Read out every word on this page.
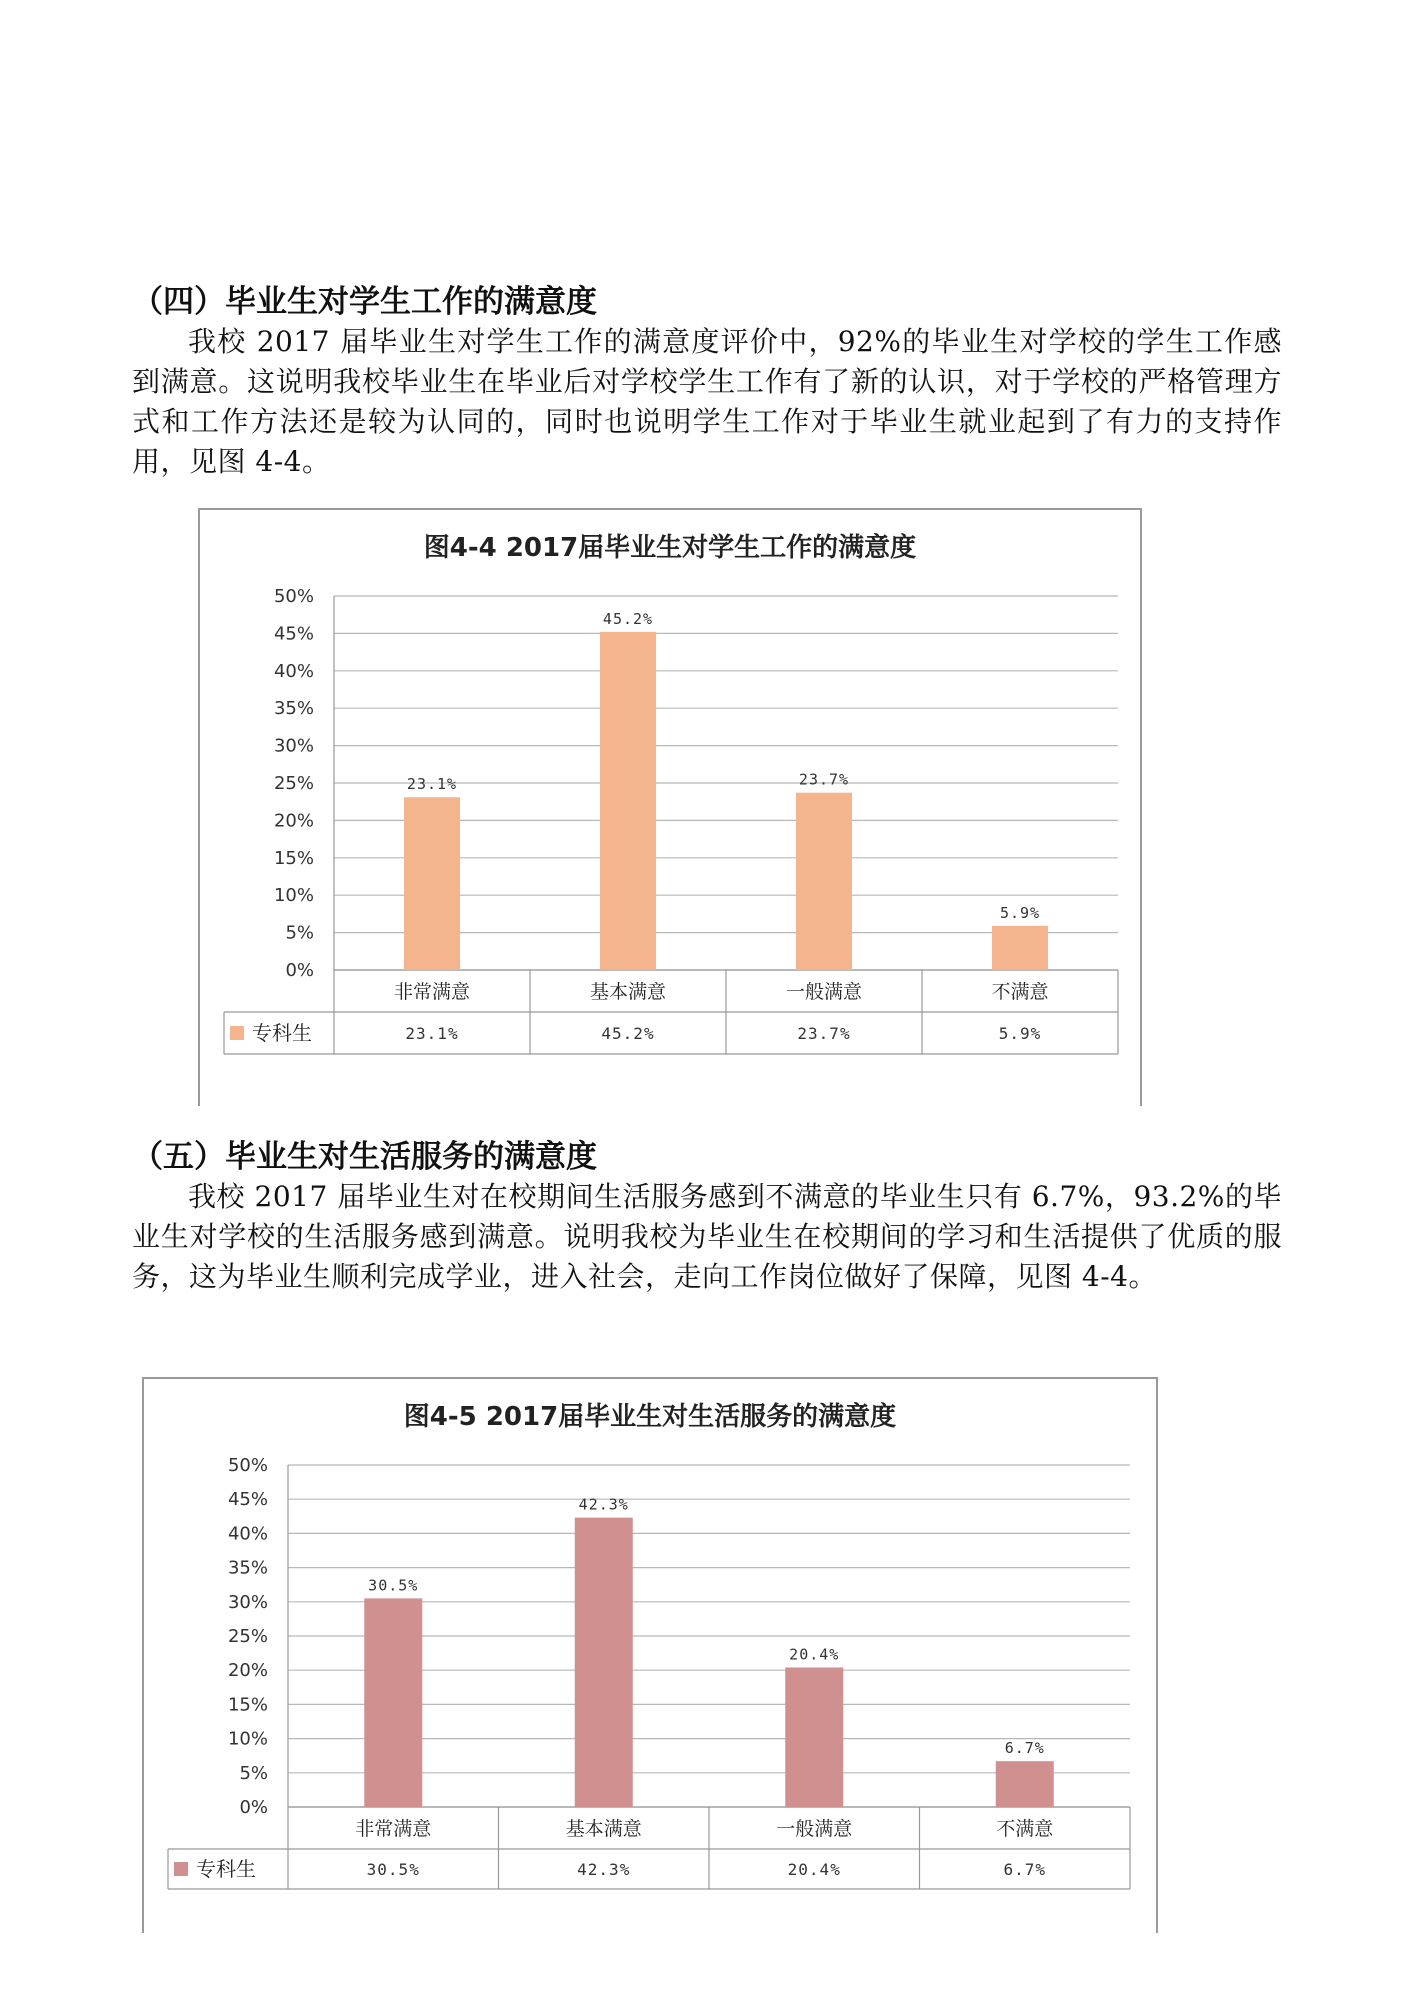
（四）毕业生对学生工作的满意度

我校 2017 届毕业生对学生工作的满意度评价中，92%的毕业生对学校的学生工作感到满意。这说明我校毕业生在毕业后对学校学生工作有了新的认识，对于学校的严格管理方式和工作方法还是较为认同的，同时也说明学生工作对于毕业生就业起到了有力的支持作用，见图 4-4。

图4-4 2017届毕业生对学生工作的满意度
0%
5%
10%
15%
20%
25%
30%
35%
40%
45%
50%
专科生
23.1%
非常满意
23.1%
45.2%
基本满意
45.2%
23.7%
一般满意
23.7%
5.9%
不满意
5.9%
（五）毕业生对生活服务的满意度

我校 2017 届毕业生对在校期间生活服务感到不满意的毕业生只有 6.7%，93.2%的毕业生对学校的生活服务感到满意。说明我校为毕业生在校期间的学习和生活提供了优质的服务，这为毕业生顺利完成学业，进入社会，走向工作岗位做好了保障，见图 4-4。

图4-5 2017届毕业生对生活服务的满意度
0%
5%
10%
15%
20%
25%
30%
35%
40%
45%
50%
专科生
30.5%
非常满意
30.5%
42.3%
基本满意
42.3%
20.4%
一般满意
20.4%
6.7%
不满意
6.7%
